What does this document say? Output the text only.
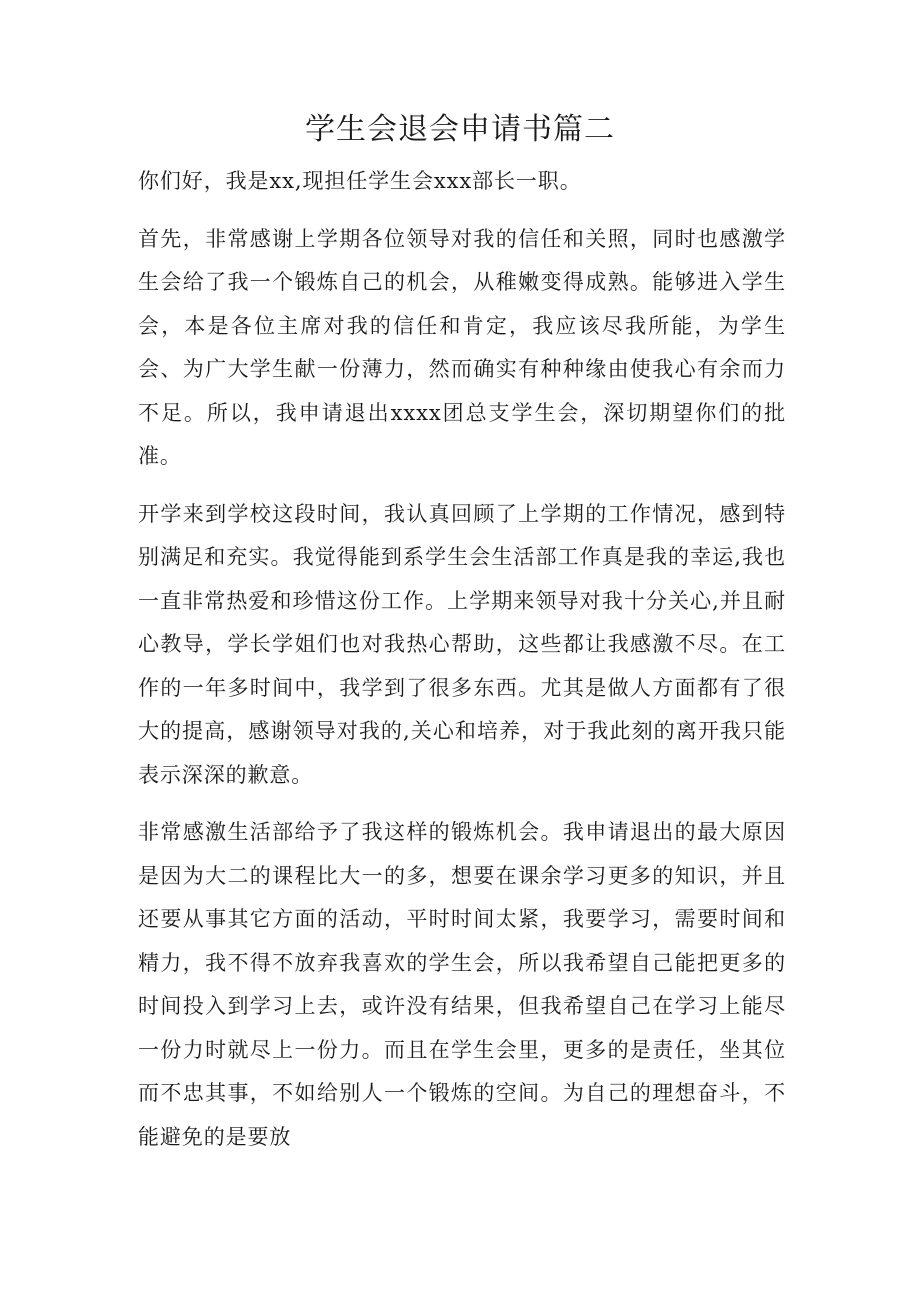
学生会退会申请书篇二

你们好，我是xx,现担任学生会xxx部长一职。

首先，非常感谢上学期各位领导对我的信任和关照，同时也感激学生会给了我一个锻炼自己的机会，从稚嫩变得成熟。能够进入学生会，本是各位主席对我的信任和肯定，我应该尽我所能，为学生会、为广大学生献一份薄力，然而确实有种种缘由使我心有余而力不足。所以，我申请退出xxxx团总支学生会，深切期望你们的批准。

开学来到学校这段时间，我认真回顾了上学期的工作情况，感到特别满足和充实。我觉得能到系学生会生活部工作真是我的幸运,我也一直非常热爱和珍惜这份工作。上学期来领导对我十分关心,并且耐心教导，学长学姐们也对我热心帮助，这些都让我感激不尽。在工作的一年多时间中，我学到了很多东西。尤其是做人方面都有了很大的提高，感谢领导对我的,关心和培养，对于我此刻的离开我只能表示深深的歉意。

非常感激生活部给予了我这样的锻炼机会。我申请退出的最大原因是因为大二的课程比大一的多，想要在课余学习更多的知识，并且还要从事其它方面的活动，平时时间太紧，我要学习，需要时间和精力，我不得不放弃我喜欢的学生会，所以我希望自己能把更多的时间投入到学习上去，或许没有结果，但我希望自己在学习上能尽一份力时就尽上一份力。而且在学生会里，更多的是责任，坐其位而不忠其事，不如给别人一个锻炼的空间。为自己的理想奋斗，不能避免的是要放
